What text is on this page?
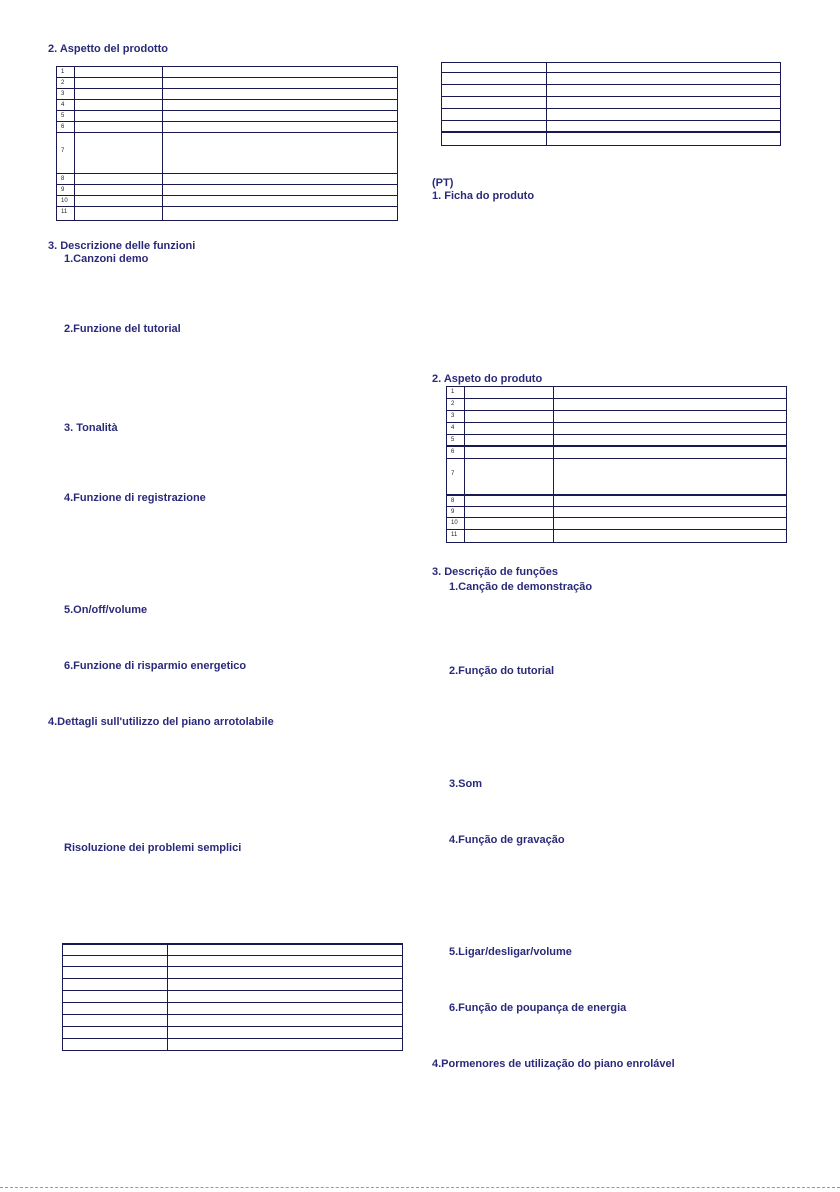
2. Aspetto del prodotto
1
2
3
4
5
6
7
8
9
10
11
3. Descrizione delle funzioni
1.Canzoni demo
2.Funzione del tutorial
3. Tonalità
4.Funzione di registrazione
5.On/off/volume
6.Funzione di risparmio energetico
4.Dettagli sull'utilizzo del piano arrotolabile
Risoluzione dei problemi semplici
(PT)
1. Ficha do produto
2. Aspeto do produto
1
2
3
4
5
6
7
8
9
10
11
3. Descrição de funções
1.Canção de demonstração
2.Função do tutorial
3.Som
4.Função de gravação
5.Ligar/desligar/volume
6.Função de poupança de energia
4.Pormenores de utilização do piano enrolável
